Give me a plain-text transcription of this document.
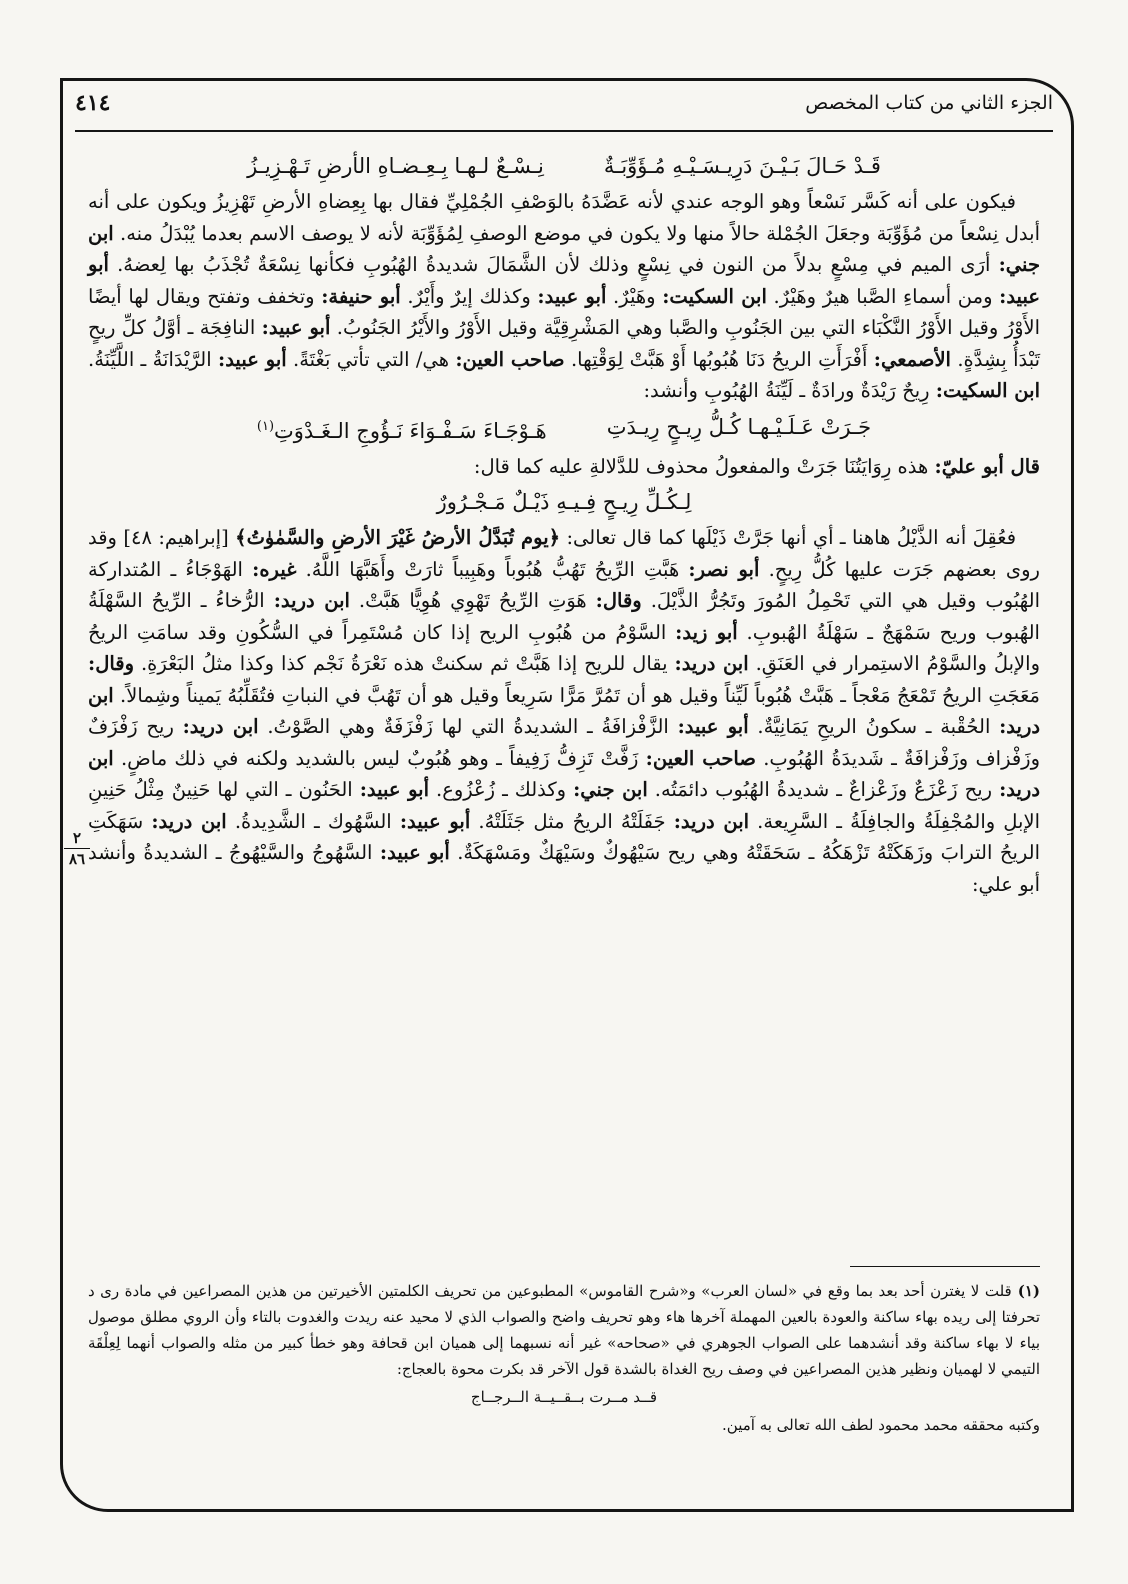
الجزء الثاني من كتاب المخصص
٤١٤
٢
٨٦
قَـدْ حَـالَ بَـيْـنَ دَرِيـسَـيْـهِ مُـؤَوِّبَـةٌ
نِـسْـعٌ لـهـا بِـعِـضـاهِ الأرضِ تَـهْـزِيـزُ

فيكون على أنه كَسَّر نَسْعاً وهو الوجه عندي لأنه عَضَّدَهُ بالوَصْفِ الجُمْلِيِّ فقال بها بِعِضاهِ الأرضِ تَهْزِيزُ ويكون على أنه أبدل نِسْعاً من مُؤَوِّبَة وجعَلَ الجُمْلة حالاً منها ولا يكون في موضع الوصفِ لِمُؤَوِّبَة لأنه لا يوصف الاسم بعدما يُبْدَلُ منه. ابن جني: أرَى الميم في مِسْعٍ بدلاً من النون في نِسْعٍ وذلك لأن الشَّمَالَ شديدةُ الهُبُوبِ فكأنها نِسْعَةٌ تُجْذَبُ بها لِعضهُ. أبو عبيد: ومن أسماءِ الصَّبا هيرٌ وهَيْرٌ. ابن السكيت: وهَيْرٌ. أبو عبيد: وكذلك إيرٌ وأَيْرٌ. أبو حنيفة: وتخفف وتفتح ويقال لها أيضًا الأَوْرُ وقيل الأَوْرُ النَّكْبَاء التي بين الجَنُوبِ والصَّبا وهي المَشْرِقِيَّة وقيل الأَوْرُ والأَيْرُ الجَنُوبُ. أبو عبيد: النافِجَة ـ أوَّلُ كلِّ ريحٍ تَبْدَأُ بِشِدَّةٍ. الأصمعي: أَفْرَأَتِ الريحُ دَنَا هُبُوبُها أَوْ هَبَّتْ لِوَقْتِها. صاحب العين: هي/ التي تأتي بَغْتَةً. أبو عبيد: الرَّيْدَانَةُ ـ اللَّيِّنَةُ. ابن السكيت: رِيحٌ رَيْدَةٌ ورادَةٌ ـ لَيِّنَةُ الهُبُوبِ وأنشد:

جَـرَتْ عَـلَـيْـهـا كُـلُّ رِيـحٍ رِيـدَتِ
هَـوْجَـاءَ سَـفْـوَاءَ نَـؤُوجِ الـغَـدْوَتِ$^{(١)}$

قال أبو عليّ: هذه رِوَايَتُنَا جَرَتْ والمفعولُ محذوف للدَّلالةِ عليه كما قال:

لِـكُـلِّ رِيـحٍ فِـيـهِ ذَيْـلٌ مَـجْـرُورٌ

فعُقِلَ أنه الذَّيْلُ هاهنا ـ أي أنها جَرَّتْ ذَيْلَها كما قال تعالى: ﴿يوم تُبَدَّلُ الأرضُ غَيْرَ الأرضِ والسَّمٰوٰتُ﴾ [إبراهيم: ٤٨] وقد روى بعضهم جَرَت عليها كُلُّ رِيحٍ. أبو نصر: هَبَّتِ الرِّيحُ تَهُبُّ هُبُوباً وهَبِيباً ثارَتْ وأَهَبَّهَا اللَّهُ. غيره: الهَوْجَاءُ ـ المُتداركة الهُبُوب وقيل هي التي تَحْمِلُ المُورَ وتَجُرُّ الذَّيْلَ. وقال: هَوَتِ الرِّيحُ تَهْوِي هُوِيًّا هَبَّتْ. ابن دريد: الرُّخاءُ ـ الرِّيحُ السَّهْلَةُ الهُبوب وريح سَمْهَجٌ ـ سَهْلَةُ الهُبوبِ. أبو زيد: السَّوْمُ من هُبُوبِ الريح إذا كان مُسْتَمِراً في السُّكُونِ وقد سامَتِ الريحُ والإبلُ والسَّوْمُ الاستِمرار في العَنَقِ. ابن دريد: يقال للريح إذا هَبَّتْ ثم سكنتْ هذه نَعْرَةُ نَجْم كذا وكذا مثلُ البَعْرَةِ. وقال: مَعَجَتِ الريحُ تَمْعَجُ مَعْجاً ـ هَبَّتْ هُبُوباً لَيِّناً وقيل هو أن تَمُرَّ مَرًّا سَرِيعاً وقيل هو أن تَهُبَّ في النباتِ فتُقَلِّبُهُ يَميناً وشِمالاً. ابن دريد: الحُقْبة ـ سكونُ الريحِ يَمَانِيَّةٌ. أبو عبيد: الزَّفْزافَةُ ـ الشديدةُ التي لها زَفْزَفَةٌ وهي الصَّوْتُ. ابن دريد: ريح زَفْزَفٌ وزَفْزاف وزَفْزافَةٌ ـ شَديدَةُ الهُبُوبِ. صاحب العين: زَفَّتْ تَزِفُّ زَفِيفاً ـ وهو هُبُوبٌ ليس بالشديد ولكنه في ذلك ماضٍ. ابن دريد: ريح زَعْزَعٌ وزَعْزاعٌ ـ شديدةُ الهُبُوب دائمَتُه. ابن جني: وكذلك ـ زُعْزُوع. أبو عبيد: الحَنُون ـ التي لها حَنِينٌ مِثْلُ حَنِينِ الإبلِ والمُجْفِلَةُ والجافِلَةُ ـ السَّرِيعة. ابن دريد: جَفَلَتْهُ الريحُ مثل جَثَلَتْهُ. أبو عبيد: السَّهُوك ـ الشَّدِيدةُ. ابن دريد: سَهَكَتِ الريحُ الترابَ وزَهَكَتْهُ تَزْهَكُهُ ـ سَحَقَتْهُ وهي ريح سَيْهُوكٌ وسَيْهَكٌ ومَسْهَكَةٌ. أبو عبيد: السَّهُوجُ والسَّيْهُوجُ ـ الشديدةُ وأنشد أبو علي:

(١)قلت لا يغترن أحد بعد بما وقع في «لسان العرب» و«شرح القاموس» المطبوعين من تحريف الكلمتين الأخيرتين من هذين المصراعين في مادة رى د تحرفتا إلى ريده بهاء ساكنة والعودة بالعين المهملة آخرها هاء وهو تحريف واضح والصواب الذي لا محيد عنه ريدت والغدوت بالتاء وأن الروي مطلق موصول بياء لا بهاء ساكنة وقد أنشدهما على الصواب الجوهري في «صحاحه» غير أنه نسبهما إلى هميان ابن قحافة وهو خطأ كبير من مثله والصواب أنهما لِعِلْقَة التيمي لا لهميان ونظير هذين المصراعين في وصف ريح الغداة بالشدة قول الآخر قد بكرت محوة بالعجاج:

قــد مــرت بــقــيــة الــرجــاج

وكتبه محققه محمد محمود لطف الله تعالى به آمين.
